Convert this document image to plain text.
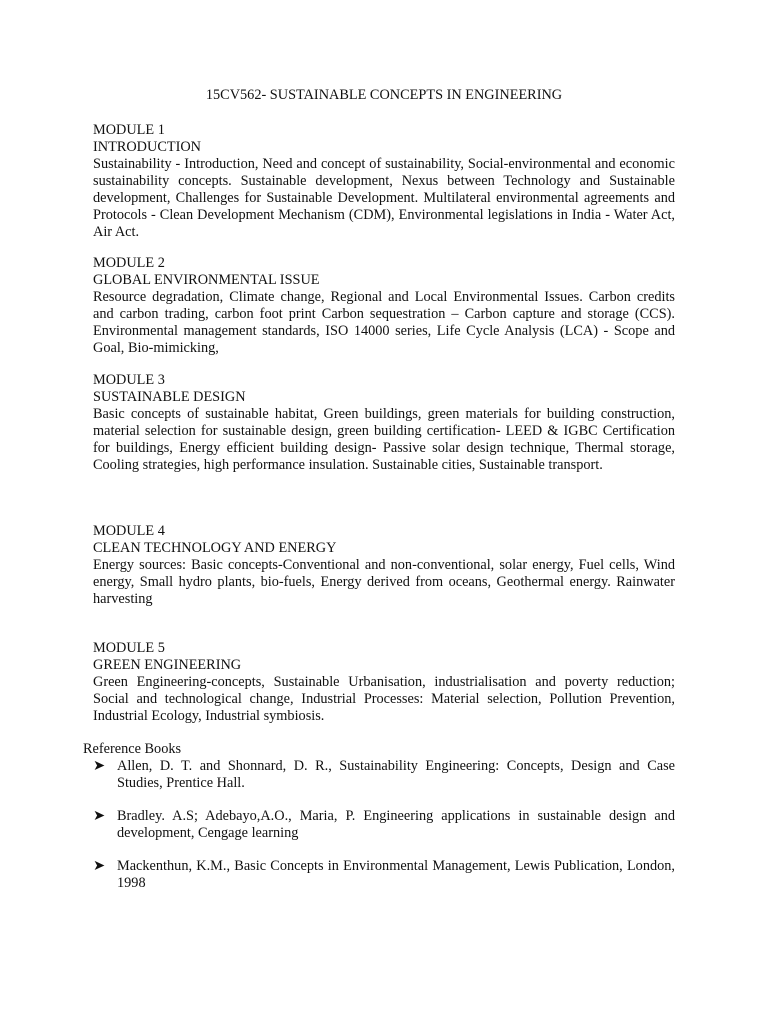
15CV562- SUSTAINABLE CONCEPTS IN ENGINEERING
MODULE 1
INTRODUCTION

Sustainability - Introduction, Need and concept of sustainability, Social-environmental and economic sustainability concepts. Sustainable development, Nexus between Technology and Sustainable development, Challenges for Sustainable Development. Multilateral environmental agreements and Protocols - Clean Development Mechanism (CDM), Environmental legislations in India - Water Act, Air Act.

MODULE 2
GLOBAL ENVIRONMENTAL ISSUE

Resource degradation, Climate change, Regional and Local Environmental Issues. Carbon credits and carbon trading, carbon foot print Carbon sequestration – Carbon capture and storage (CCS). Environmental management standards, ISO 14000 series, Life Cycle Analysis (LCA) - Scope and Goal, Bio-mimicking,

MODULE 3
SUSTAINABLE DESIGN

Basic concepts of sustainable habitat, Green buildings, green materials for building construction, material selection for sustainable design, green building certification- LEED & IGBC Certification for buildings, Energy efficient building design- Passive solar design technique, Thermal storage, Cooling strategies, high performance insulation. Sustainable cities, Sustainable transport.

MODULE 4
CLEAN TECHNOLOGY AND ENERGY

Energy sources: Basic concepts-Conventional and non-conventional, solar energy, Fuel cells, Wind energy, Small hydro plants, bio-fuels, Energy derived from oceans, Geothermal energy. Rainwater harvesting

MODULE 5
GREEN ENGINEERING

Green Engineering-concepts, Sustainable Urbanisation, industrialisation and poverty reduction; Social and technological change, Industrial Processes: Material selection, Pollution Prevention, Industrial Ecology, Industrial symbiosis.

Reference Books
➤ Allen, D. T. and Shonnard, D. R., Sustainability Engineering: Concepts, Design and Case Studies, Prentice Hall.
➤ Bradley. A.S; Adebayo,A.O., Maria, P. Engineering applications in sustainable design and development, Cengage learning
➤ Mackenthun, K.M., Basic Concepts in Environmental Management, Lewis Publication, London, 1998
